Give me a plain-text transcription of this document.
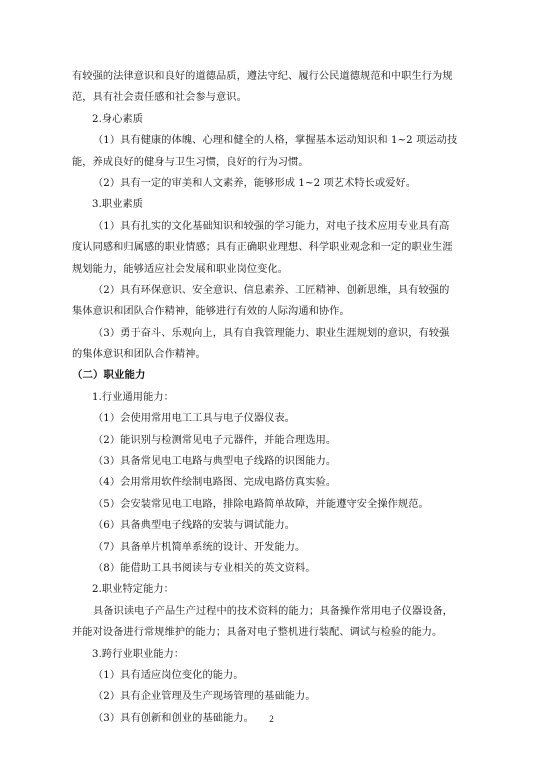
有较强的法律意识和良好的道德品质，遵法守纪、履行公民道德规范和中职生行为规
范，具有社会责任感和社会参与意识。
2.身心素质
（1）具有健康的体魄、心理和健全的人格，掌握基本运动知识和 1~2 项运动技
能，养成良好的健身与卫生习惯，良好的行为习惯。
（2）具有一定的审美和人文素养，能够形成 1~2 项艺术特长或爱好。
3.职业素质
（1）具有扎实的文化基础知识和较强的学习能力，对电子技术应用专业具有高
度认同感和归属感的职业情感；具有正确职业理想、科学职业观念和一定的职业生涯
规划能力，能够适应社会发展和职业岗位变化。
（2）具有环保意识、安全意识、信息素养、工匠精神、创新思维，具有较强的
集体意识和团队合作精神，能够进行有效的人际沟通和协作。
（3）勇于奋斗、乐观向上，具有自我管理能力、职业生涯规划的意识，有较强
的集体意识和团队合作精神。
（二）职业能力
1.行业通用能力：
（1）会使用常用电工工具与电子仪器仪表。
（2）能识别与检测常见电子元器件，并能合理选用。
（3）具备常见电工电路与典型电子线路的识图能力。
（4）会用常用软件绘制电路图、完成电路仿真实验。
（5）会安装常见电工电路，排除电路简单故障，并能遵守安全操作规范。
（6）具备典型电子线路的安装与调试能力。
（7）具备单片机简单系统的设计、开发能力。
（8）能借助工具书阅读与专业相关的英文资料。
2.职业特定能力：
具备识读电子产品生产过程中的技术资料的能力；具备操作常用电子仪器设备，
并能对设备进行常规维护的能力；具备对电子整机进行装配、调试与检验的能力。
3.跨行业职业能力：
（1）具有适应岗位变化的能力。
（2）具有企业管理及生产现场管理的基础能力。
（3）具有创新和创业的基础能力。	2
